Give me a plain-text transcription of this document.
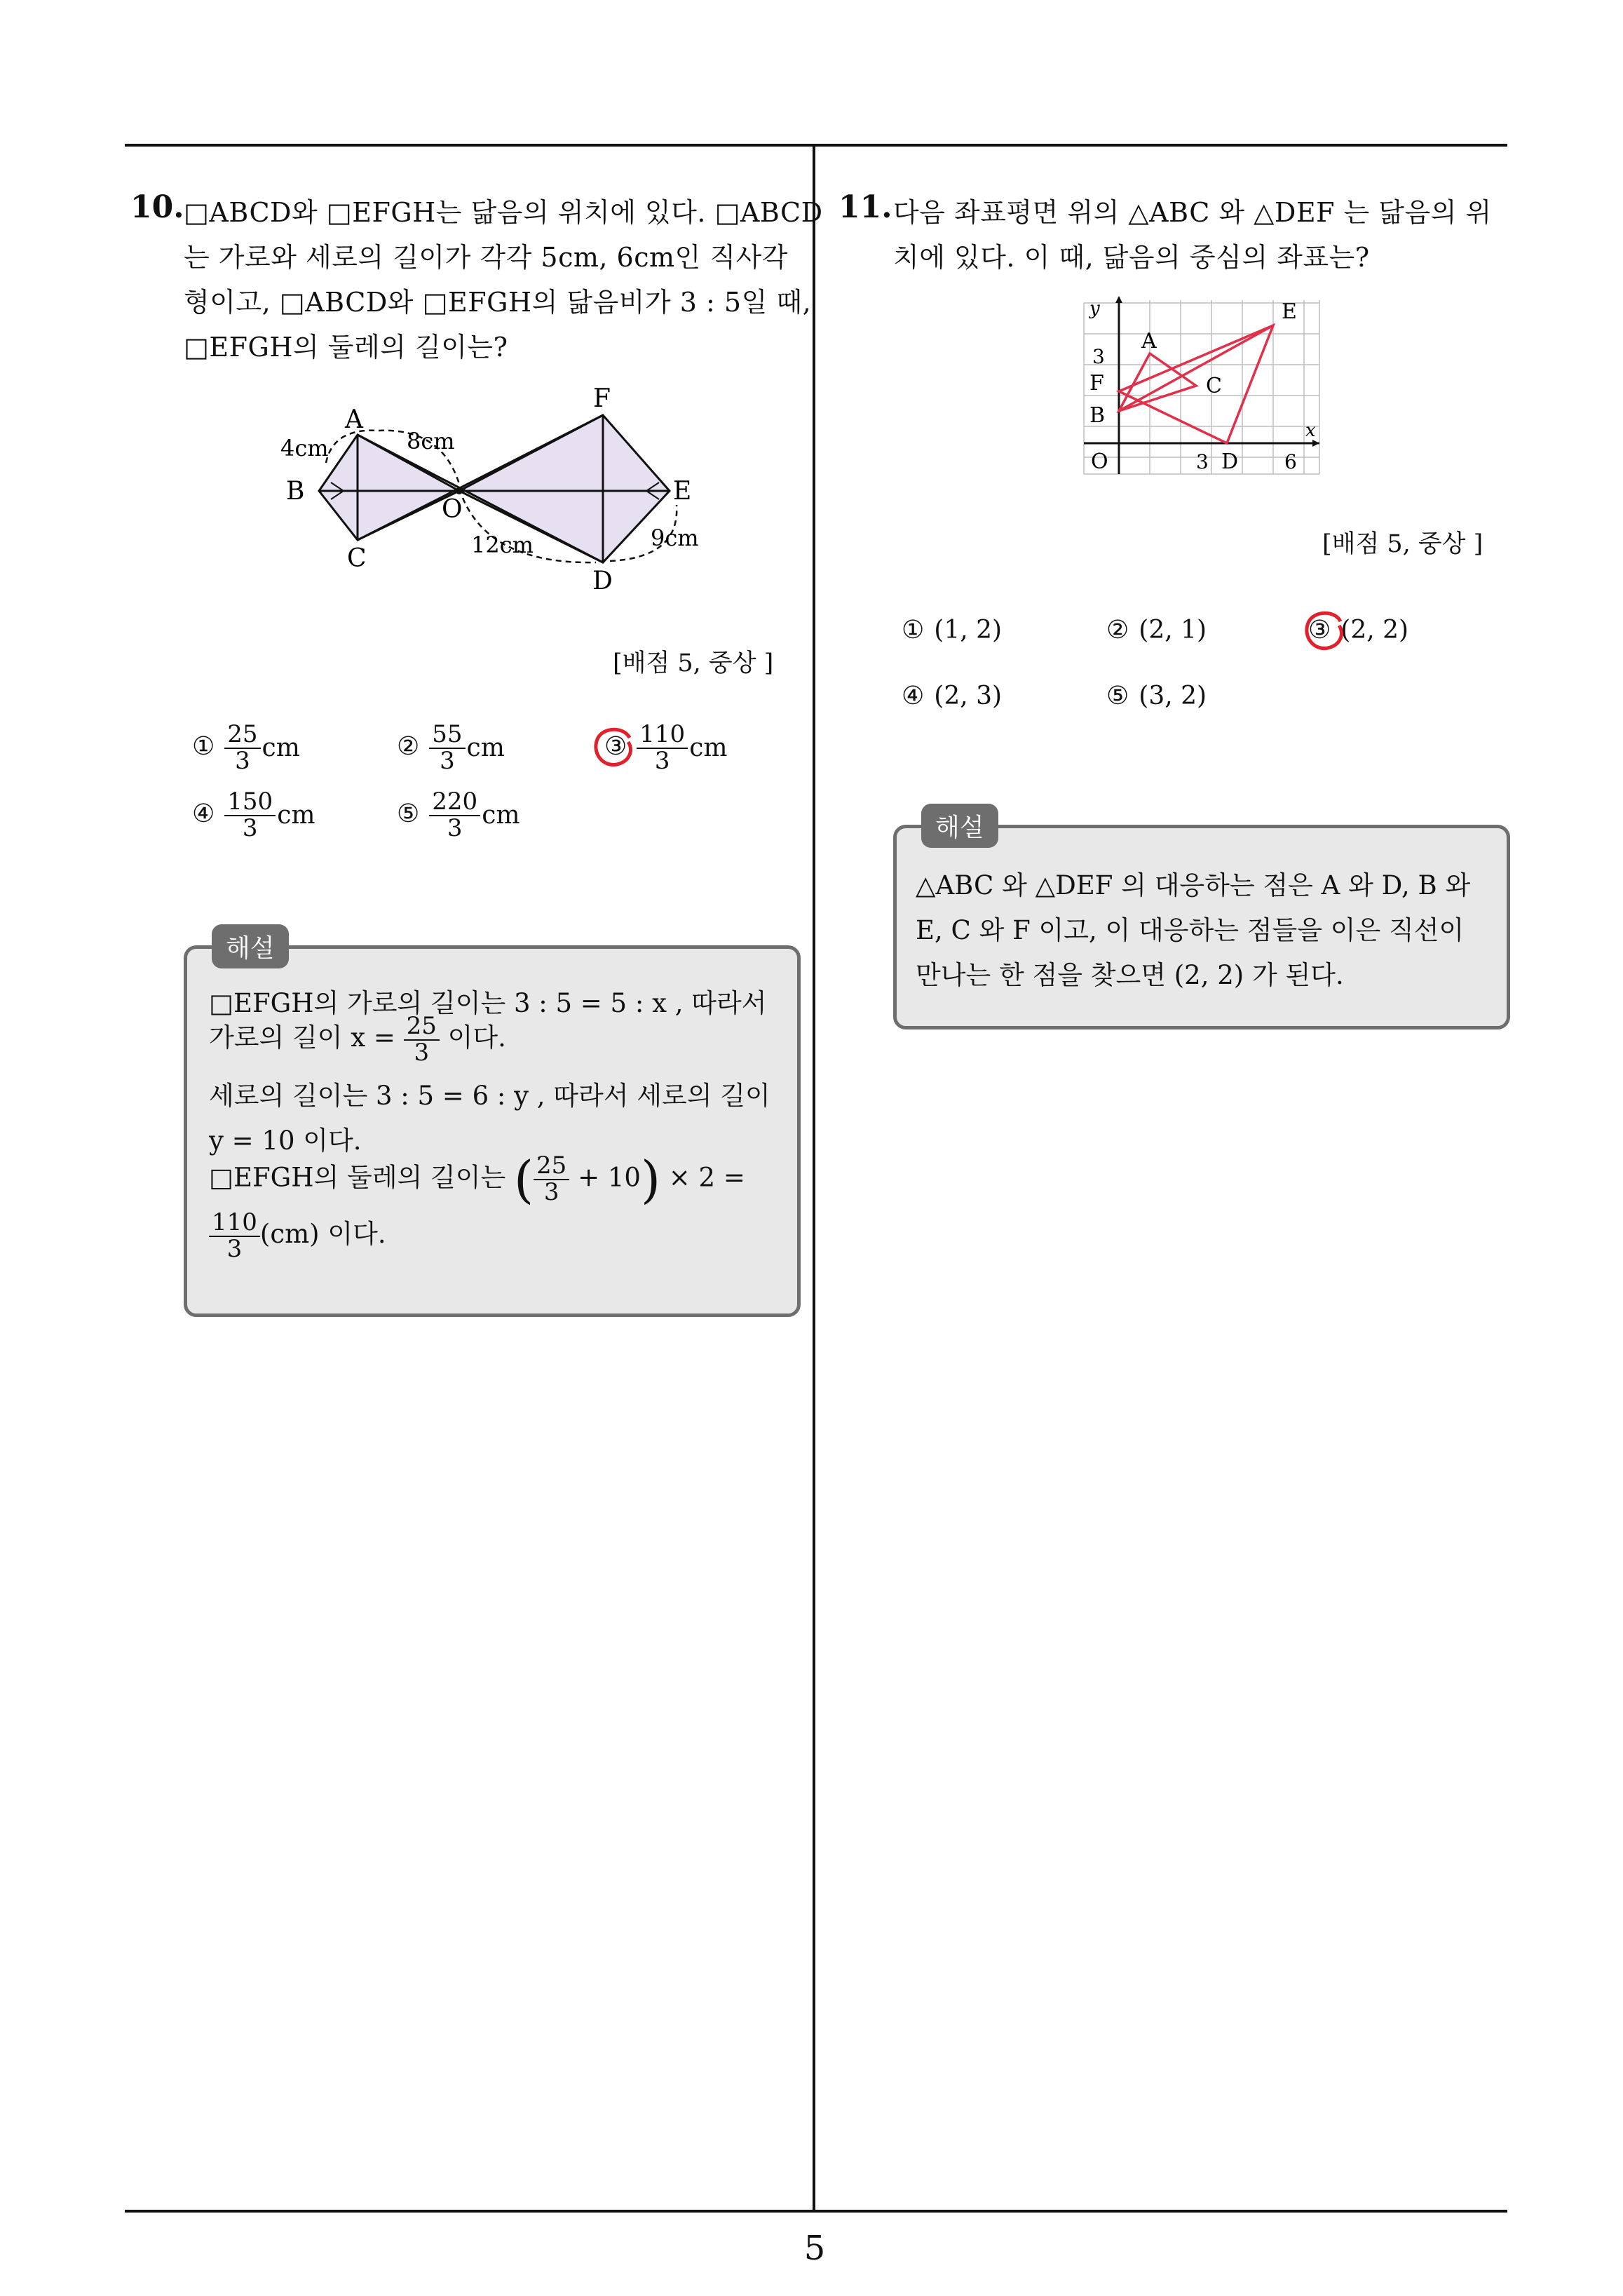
5
10. □ABCD와 □EFGH는 닮음의 위치에 있다. □ABCD
는 가로와 세로의 길이가 각각 5cm, 6cm인 직사각
형이고, □ABCD와 □EFGH의 닮음비가 3 : 5일 때,
□EFGH의 둘레의 길이는?
A
B
C
D
E
F
O
4cm	8cm
12cm	9cm
[배점 5, 중상 ]
① $\frac{25}{3}$ cm	② $\frac{55}{3}$ cm	③ $\frac{110}{3}$ cm
④ $\frac{150}{3}$ cm	⑤ $\frac{220}{3}$ cm
해설
□EFGH의 가로의 길이는 3 : 5 = 5 : x , 따라서
가로의 길이 $x = \frac{25}{3}$ 이다.
세로의 길이는 3 : 5 = 6 : y , 따라서 세로의 길이
y = 10 이다.
□EFGH의 둘레의 길이는 ( $\frac{25}{3} + 10) \times 2$ =
$\frac{110}{3} (cm)$ 이다.
11. 다음 좌표평면 위의 △ABC 와 △DEF 는 닮음의 위
치에 있다. 이 때, 닮음의 중심의 좌표는?
y
x
O	3	6
3
A
B
C
D
E
F
[배점 5, 중상 ]
① (1, 2)	② (2, 1)	③ (2, 2)
④ (2, 3)	⑤ (3, 2)
해설
△ABC 와 △DEF 의 대응하는 점은 A 와 D, B 와
E, C 와 F 이고, 이 대응하는 점들을 이은 직선이
만나는 한 점을 찾으면 (2, 2) 가 된다.
